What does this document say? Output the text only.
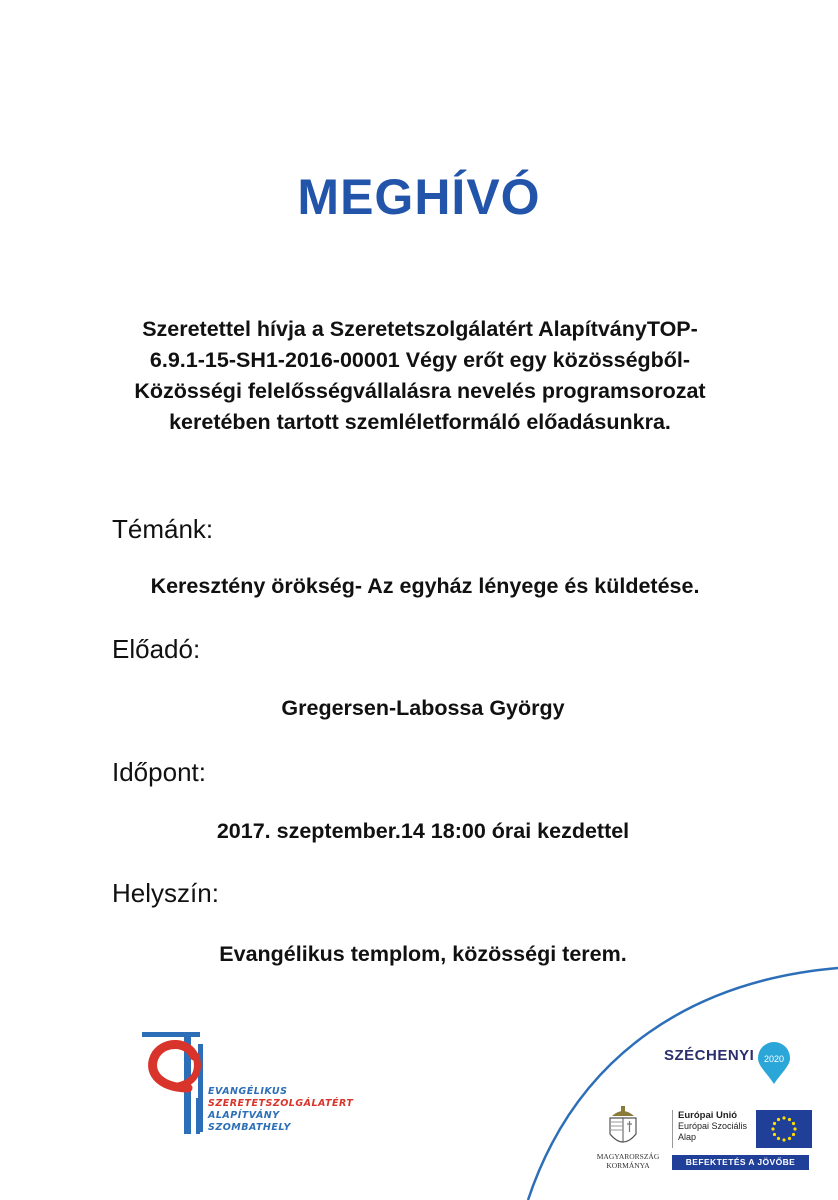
MEGHÍVÓ
Szeretettel hívja a Szeretetszolgálatért AlapítványTOP-
6.9.1-15-SH1-2016-00001 Végy erőt egy közösségből-
Közösségi felelősségvállalásra nevelés programsorozat
keretében tartott szemléletformáló előadásunkra.
Témánk:
Keresztény örökség- Az egyház lényege és küldetése.
Előadó:
Gregersen-Labossa György
Időpont:
2017. szeptember.14 18:00 órai kezdettel
Helyszín:
Evangélikus templom, közösségi terem.
EVANGÉLIKUS
SZERETETSZOLGÁLATÉRT
ALAPÍTVÁNY
SZOMBATHELY
SZÉCHENYI 2020
MAGYARORSZÁG
KORMÁNYA
Európai Unió
Európai Szociális
Alap
BEFEKTETÉS A JÖVŐBE
